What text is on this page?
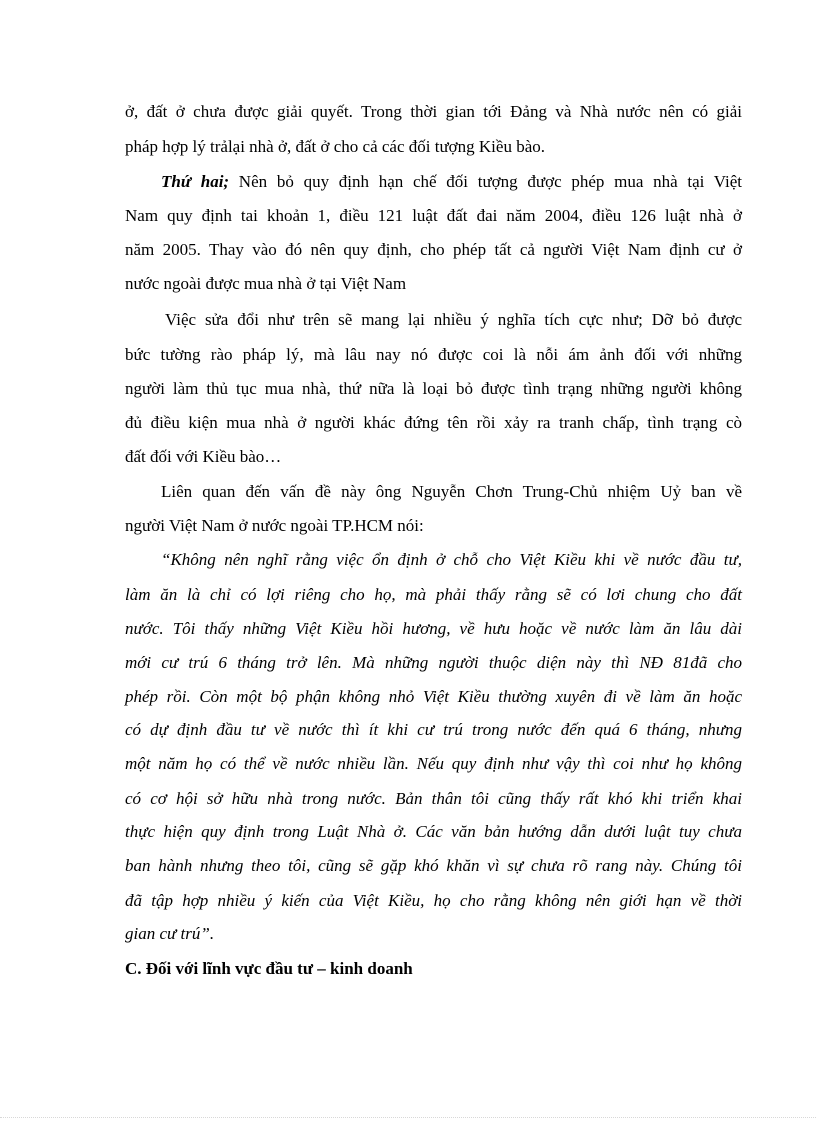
ở, đất ở chưa được giải quyết. Trong thời gian tới Đảng và Nhà nước nên có giải
pháp hợp lý trảlại nhà ở, đất ở cho cả các đối tượng Kiều bào.
Thứ hai; Nên bỏ quy định hạn chế đối tượng được phép mua nhà tại Việt
Nam quy định tai khoản 1, điều 121 luật đất đai năm 2004, điều 126 luật nhà ở
năm 2005. Thay vào đó nên quy định, cho phép tất cả người Việt Nam định cư ở
nước ngoài được mua nhà ở tại Việt Nam
Việc sửa đổi như trên sẽ mang lại nhiều ý nghĩa tích cực như; Dỡ bỏ được
bức tường rào pháp lý, mà lâu nay nó được coi là nỗi ám ảnh đối với những
người làm thủ tục mua nhà, thứ nữa là loại bỏ được tình trạng những người không
đủ điều kiện mua nhà ở người khác đứng tên rồi xảy ra tranh chấp, tình trạng cò
đất đối với Kiều bào…
Liên quan đến vấn đề này ông Nguyễn Chơn Trung-Chủ nhiệm Uỷ ban về
người Việt Nam ở nước ngoài TP.HCM nói:
“Không nên nghĩ rằng việc ổn định ở chỗ cho Việt Kiều khi về nước đầu tư,
làm ăn là chỉ có lợi riêng cho họ, mà phải thấy rằng sẽ có lơi chung cho đất
nước. Tôi thấy những Việt Kiều hồi hương, về hưu hoặc về nước làm ăn lâu dài
mới cư trú 6 tháng trở lên. Mà những người thuộc diện này thì NĐ 81đã cho
phép rồi. Còn một bộ phận không nhỏ Việt Kiều thường xuyên đi về làm ăn hoặc
có dự định đầu tư về nước thì ít khi cư trú trong nước đến quá 6 tháng, nhưng
một năm họ có thể về nước nhiều lần. Nếu quy định như vậy thì coi như họ không
có cơ hội sở hữu nhà trong nước. Bản thân tôi cũng thấy rất khó khi triển khai
thực hiện quy định trong Luật Nhà ở. Các văn bản hướng dẫn dưới luật tuy chưa
ban hành nhưng theo tôi, cũng sẽ gặp khó khăn vì sự chưa rõ rang này. Chúng tôi
đã tập hợp nhiều ý kiến của Việt Kiều, họ cho rằng không nên giới hạn về thời
gian cư trú”.
C. Đối với lĩnh vực đầu tư – kinh doanh
